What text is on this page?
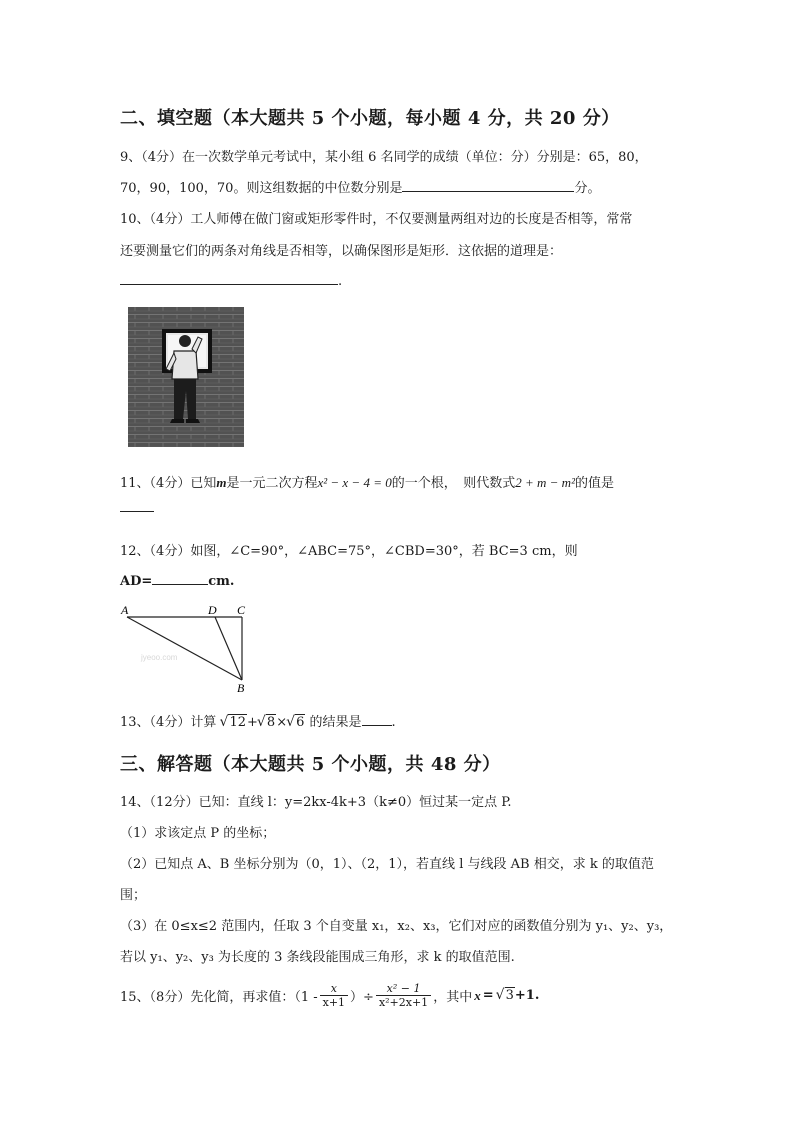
二、填空题（本大题共 5 个小题，每小题 4 分，共 20 分）
9、（4分）在一次数学单元考试中，某小组 6 名同学的成绩（单位：分）分别是：65，80，
70，90，100，70。则这组数据的中位数分别是	分。
10、（4分）工人师傅在做门窗或矩形零件时，不仅要测量两组对边的长度是否相等，常常
还要测量它们的两条对角线是否相等，以确保图形是矩形．这依据的道理是：
.
11、（4分）已知m是一元二次方程x² − x − 4 = 0的一个根，　则代数式2 + m − m²的值是
12、（4分）如图，∠C=90°，∠ABC=75°，∠CBD=30°，若 BC=3 cm，则
AD=	cm.
jyeoo.com
A	D C
B
13、（4分）计算 √ 12+ √ 8× √ 6 的结果是 .
三、解答题（本大题共 5 个小题，共 48 分）
14、（12分）已知：直线 l：y=2kx-4k+3（k≠0）恒过某一定点 P.
（1）求该定点 P 的坐标；
（2）已知点 A、B 坐标分别为（0，1）、（2，1），若直线 l 与线段 AB 相交，求 k 的取值范
围；
（3）在 0≤x≤2 范围内，任取 3 个自变量 x₁，x₂、x₃，它们对应的函数值分别为 y₁、y₂、y₃，
若以 y₁、y₂、y₃ 为长度的 3 条线段能围成三角形，求 k 的取值范围.
15、（8分）先化简，再求值：（$1 - \frac{x}{x+1}$ ）÷ $\frac{\text{x² − 1}}{\text{x²+2x+1}}$ ，其中 x = √ 3 +1.
